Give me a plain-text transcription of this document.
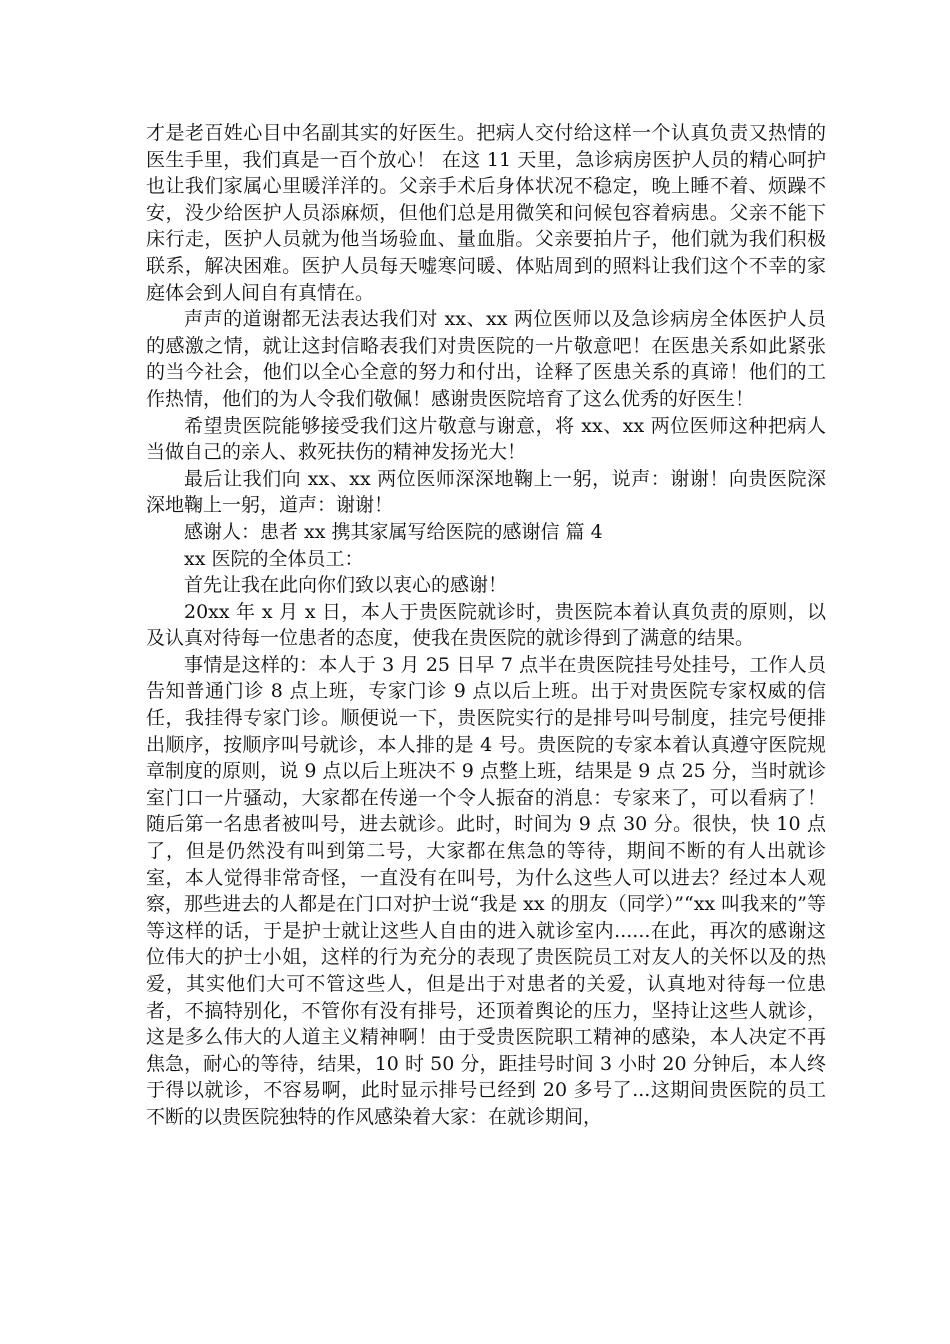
才是老百姓心目中名副其实的好医生。把病人交付给这样一个认真负责又热情的医生手里，我们真是一百个放心！ 在这 11 天里，急诊病房医护人员的精心呵护也让我们家属心里暖洋洋的。父亲手术后身体状况不稳定，晚上睡不着、烦躁不安，没少给医护人员添麻烦，但他们总是用微笑和问候包容着病患。父亲不能下床行走，医护人员就为他当场验血、量血脂。父亲要拍片子，他们就为我们积极联系，解决困难。医护人员每天嘘寒问暖、体贴周到的照料让我们这个不幸的家庭体会到人间自有真情在。

声声的道谢都无法表达我们对 xx、xx 两位医师以及急诊病房全体医护人员的感激之情，就让这封信略表我们对贵医院的一片敬意吧！在医患关系如此紧张的当今社会，他们以全心全意的努力和付出，诠释了医患关系的真谛！他们的工作热情，他们的为人令我们敬佩！感谢贵医院培育了这么优秀的好医生！

希望贵医院能够接受我们这片敬意与谢意，将 xx、xx 两位医师这种把病人当做自己的亲人、救死扶伤的精神发扬光大！

最后让我们向 xx、xx 两位医师深深地鞠上一躬，说声：谢谢！向贵医院深深地鞠上一躬，道声：谢谢！

感谢人：患者 xx 携其家属写给医院的感谢信 篇 4

xx 医院的全体员工：

首先让我在此向你们致以衷心的感谢！

20xx 年 x 月 x 日，本人于贵医院就诊时，贵医院本着认真负责的原则，以及认真对待每一位患者的态度，使我在贵医院的就诊得到了满意的结果。

事情是这样的：本人于 3 月 25 日早 7 点半在贵医院挂号处挂号，工作人员告知普通门诊 8 点上班，专家门诊 9 点以后上班。出于对贵医院专家权威的信任，我挂得专家门诊。顺便说一下，贵医院实行的是排号叫号制度，挂完号便排出顺序，按顺序叫号就诊，本人排的是 4 号。贵医院的专家本着认真遵守医院规章制度的原则，说 9 点以后上班决不 9 点整上班，结果是 9 点 25 分，当时就诊室门口一片骚动，大家都在传递一个令人振奋的消息：专家来了，可以看病了！随后第一名患者被叫号，进去就诊。此时，时间为 9 点 30 分。很快，快 10 点了，但是仍然没有叫到第二号，大家都在焦急的等待，期间不断的有人出就诊室，本人觉得非常奇怪，一直没有在叫号，为什么这些人可以进去？经过本人观察，那些进去的人都是在门口对护士说“我是 xx 的朋友（同学）”“xx 叫我来的”等等这样的话，于是护士就让这些人自由的进入就诊室内......在此，再次的感谢这位伟大的护士小姐，这样的行为充分的表现了贵医院员工对友人的关怀以及的热爱，其实他们大可不管这些人，但是出于对患者的关爱，认真地对待每一位患者，不搞特别化，不管你有没有排号，还顶着舆论的压力，坚持让这些人就诊，这是多么伟大的人道主义精神啊！由于受贵医院职工精神的感染，本人决定不再焦急，耐心的等待，结果，10 时 50 分，距挂号时间 3 小时 20 分钟后，本人终于得以就诊，不容易啊，此时显示排号已经到 20 多号了...这期间贵医院的员工不断的以贵医院独特的作风感染着大家：在就诊期间，
